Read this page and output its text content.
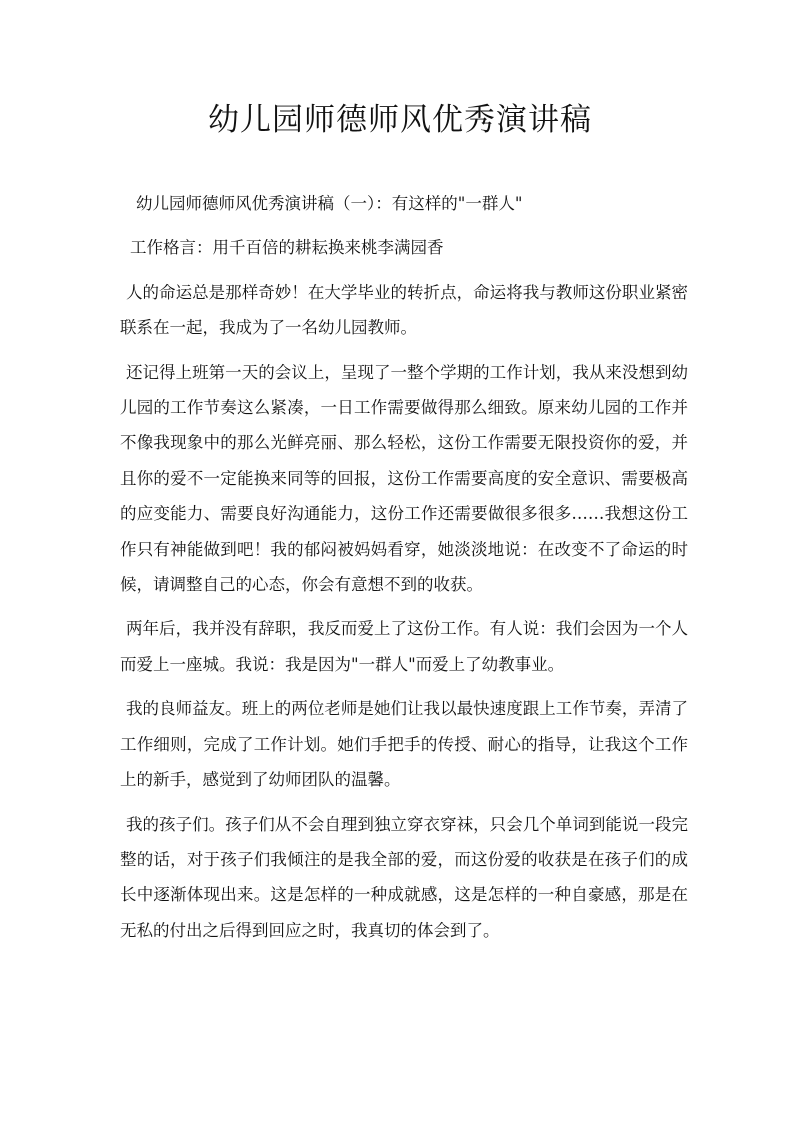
幼儿园师德师风优秀演讲稿

幼儿园师德师风优秀演讲稿（一）：有这样的"一群人"

工作格言：用千百倍的耕耘换来桃李满园香

人的命运总是那样奇妙！在大学毕业的转折点，命运将我与教师这份职业紧密联系在一起，我成为了一名幼儿园教师。

还记得上班第一天的会议上，呈现了一整个学期的工作计划，我从来没想到幼儿园的工作节奏这么紧凑，一日工作需要做得那么细致。原来幼儿园的工作并不像我现象中的那么光鲜亮丽、那么轻松，这份工作需要无限投资你的爱，并且你的爱不一定能换来同等的回报，这份工作需要高度的安全意识、需要极高的应变能力、需要良好沟通能力，这份工作还需要做很多很多……我想这份工作只有神能做到吧！我的郁闷被妈妈看穿，她淡淡地说：在改变不了命运的时候，请调整自己的心态，你会有意想不到的收获。

两年后，我并没有辞职，我反而爱上了这份工作。有人说：我们会因为一个人而爱上一座城。我说：我是因为"一群人"而爱上了幼教事业。

我的良师益友。班上的两位老师是她们让我以最快速度跟上工作节奏，弄清了工作细则，完成了工作计划。她们手把手的传授、耐心的指导，让我这个工作上的新手，感觉到了幼师团队的温馨。

我的孩子们。孩子们从不会自理到独立穿衣穿袜，只会几个单词到能说一段完整的话，对于孩子们我倾注的是我全部的爱，而这份爱的收获是在孩子们的成长中逐渐体现出来。这是怎样的一种成就感，这是怎样的一种自豪感，那是在无私的付出之后得到回应之时，我真切的体会到了。
